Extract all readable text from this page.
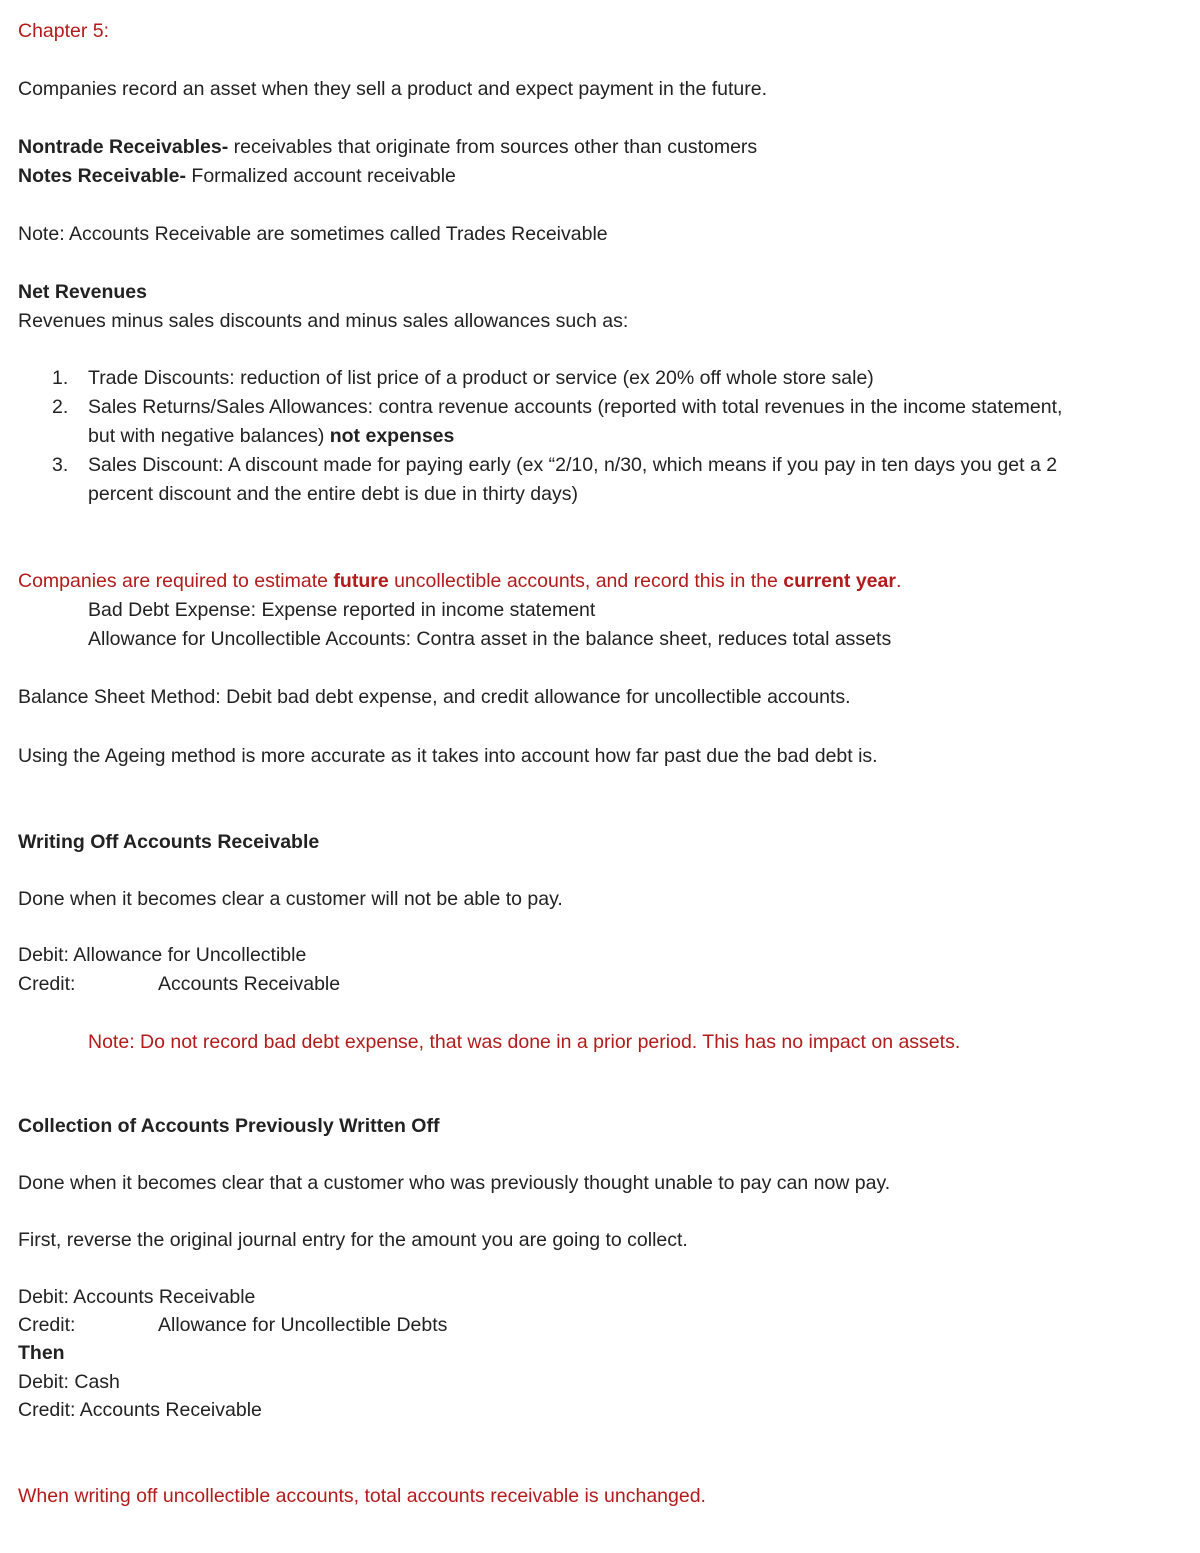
Chapter 5:
Companies record an asset when they sell a product and expect payment in the future.
Nontrade Receivables- receivables that originate from sources other than customers
Notes Receivable- Formalized account receivable
Note: Accounts Receivable are sometimes called Trades Receivable
Net Revenues
Revenues minus sales discounts and minus sales allowances such as:
1. Trade Discounts: reduction of list price of a product or service (ex 20% off whole store sale)
2. Sales Returns/Sales Allowances: contra revenue accounts (reported with total revenues in the income statement,
but with negative balances) not expenses
3. Sales Discount: A discount made for paying early (ex “2/10, n/30, which means if you pay in ten days you get a 2
percent discount and the entire debt is due in thirty days)
Companies are required to estimate future uncollectible accounts, and record this in the current year.
Bad Debt Expense: Expense reported in income statement
Allowance for Uncollectible Accounts: Contra asset in the balance sheet, reduces total assets
Balance Sheet Method: Debit bad debt expense, and credit allowance for uncollectible accounts.
Using the Ageing method is more accurate as it takes into account how far past due the bad debt is.
Writing Off Accounts Receivable
Done when it becomes clear a customer will not be able to pay.
Debit: Allowance for Uncollectible
Credit:	Accounts Receivable
Note: Do not record bad debt expense, that was done in a prior period. This has no impact on assets.
Collection of Accounts Previously Written Off
Done when it becomes clear that a customer who was previously thought unable to pay can now pay.
First, reverse the original journal entry for the amount you are going to collect.
Debit: Accounts Receivable
Credit:	Allowance for Uncollectible Debts
Then
Debit: Cash
Credit: Accounts Receivable
When writing off uncollectible accounts, total accounts receivable is unchanged.
